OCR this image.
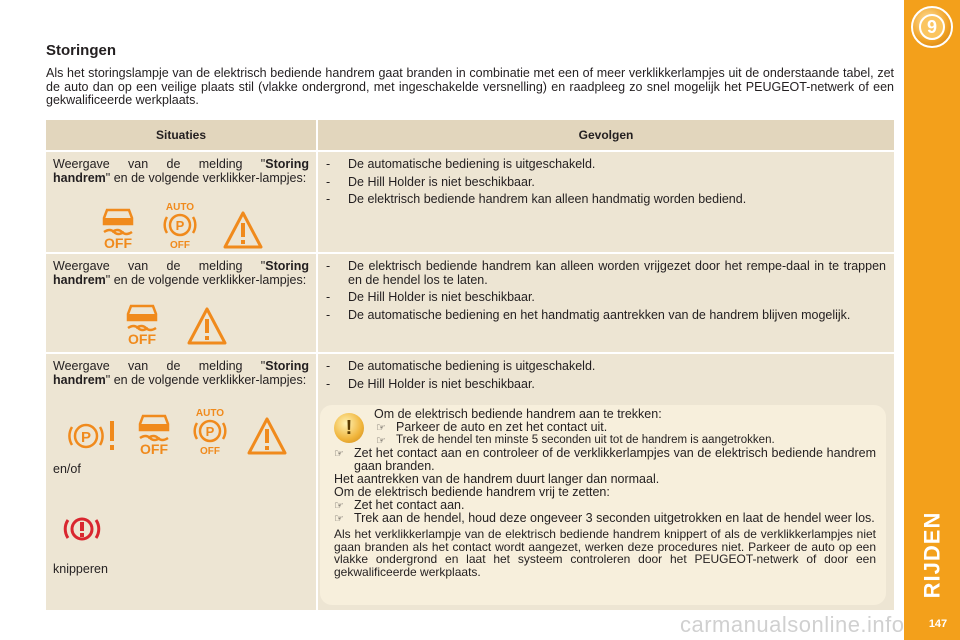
9
RIJDEN
147
Storingen

Als het storingslampje van de elektrisch bediende handrem gaat branden in combinatie met een of meer verklikkerlampjes uit de onderstaande tabel, zet de auto dan op een veilige plaats stil (vlakke ondergrond, met ingeschakelde versnelling) en raadpleeg zo snel mogelijk het PEUGEOT-netwerk of een gekwalificeerde werkplaats.

Situaties	Gevolgen

Weergave van de melding "Storing handrem" en de volgende verklikker-lampjes:

OFF
AUTO
P
OFF
- De automatische bediening is uitgeschakeld.
- De Hill Holder is niet beschikbaar.
- De elektrisch bediende handrem kan alleen handmatig worden bediend.

Weergave van de melding "Storing handrem" en de volgende verklikker-lampjes:

OFF
- De elektrisch bediende handrem kan alleen worden vrijgezet door het rempe-daal in te trappen en de hendel los te laten.
- De Hill Holder is niet beschikbaar.
- De automatische bediening en het handmatig aantrekken van de handrem blijven mogelijk.

Weergave van de melding "Storing handrem" en de volgende verklikker-lampjes:

P
OFF
AUTO
P
OFF
en/of
knipperen
- De automatische bediening is uitgeschakeld.
- De Hill Holder is niet beschikbaar.

Om de elektrisch bediende handrem aan te trekken:

☞ Parkeer de auto en zet het contact uit.

☞ Trek de hendel ten minste 5 seconden uit tot de handrem is aangetrokken.

☞ Zet het contact aan en controleer of de verklikkerlampjes van de elektrisch bediende handrem gaan branden.

Het aantrekken van de handrem duurt langer dan normaal.

Om de elektrisch bediende handrem vrij te zetten:

☞ Zet het contact aan.

☞ Trek aan de hendel, houd deze ongeveer 3 seconden uitgetrokken en laat de hendel weer los.

Als het verklikkerlampje van de elektrisch bediende handrem knippert of als de verklikkerlampjes niet gaan branden als het contact wordt aangezet, werken deze procedures niet. Parkeer de auto op een vlakke ondergrond en laat het systeem controleren door het PEUGEOT-netwerk of door een gekwalificeerde werkplaats.

!
carmanualsonline.info
